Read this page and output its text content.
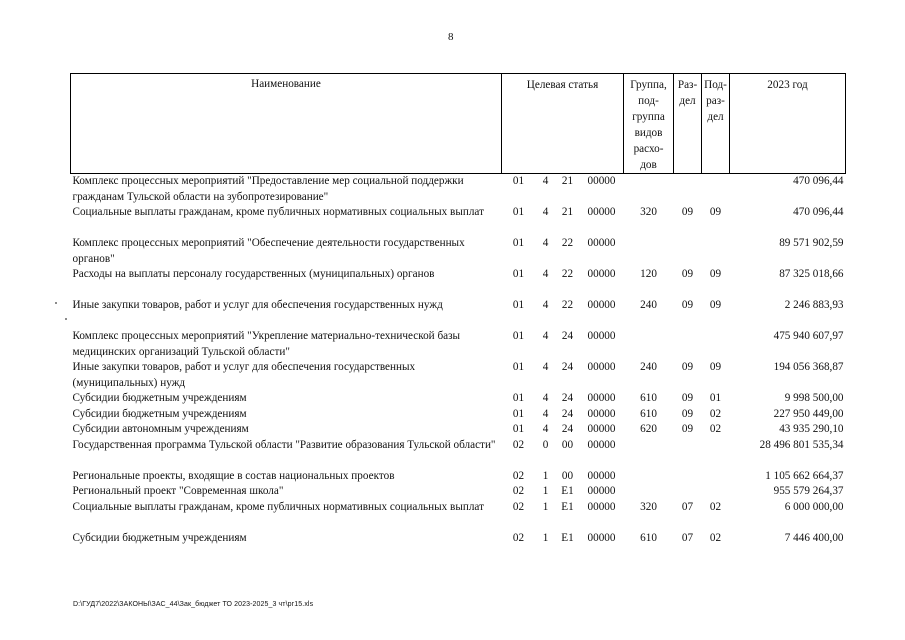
8
Наименование	Целевая статья				Группа, под-группа видов расхо-дов	Раз-дел	Под-раз-дел	2023 год
Комплекс процессных мероприятий "Предоставление мер социальной поддержки гражданам Тульской области на зубопротезирование"	01	4	21	00000				470 096,44
Социальные выплаты гражданам, кроме публичных нормативных социальных выплат	01	4	21	00000	320	09	09	470 096,44
Комплекс процессных мероприятий "Обеспечение деятельности государственных органов"	01	4	22	00000				89 571 902,59
Расходы на выплаты персоналу государственных (муниципальных) органов	01	4	22	00000	120	09	09	87 325 018,66
Иные закупки товаров, работ и услуг для обеспечения государственных нужд	01	4	22	00000	240	09	09	2 246 883,93
Комплекс процессных мероприятий "Укрепление материально-технической базы медицинских организаций Тульской области"	01	4	24	00000				475 940 607,97
Иные закупки товаров, работ и услуг для обеспечения государственных (муниципальных) нужд	01	4	24	00000	240	09	09	194 056 368,87
Субсидии бюджетным учреждениям	01	4	24	00000	610	09	01	9 998 500,00
Субсидии бюджетным учреждениям	01	4	24	00000	610	09	02	227 950 449,00
Субсидии автономным учреждениям	01	4	24	00000	620	09	02	43 935 290,10
Государственная программа Тульской области "Развитие образования Тульской области"	02	0	00	00000				28 496 801 535,34
Региональные проекты, входящие в состав национальных проектов	02	1	00	00000				1 105 662 664,37
Региональный проект "Современная школа"	02	1	Е1	00000				955 579 264,37
Социальные выплаты гражданам, кроме публичных нормативных социальных выплат	02	1	Е1	00000	320	07	02	6 000 000,00
Субсидии бюджетным учреждениям	02	1	Е1	00000	610	07	02	7 446 400,00
D:\ГУД7\2022\ЗАКОНЫ\ЗАС_44\Зак_бюджет ТО 2023-2025_3 чт\рг15.xls
